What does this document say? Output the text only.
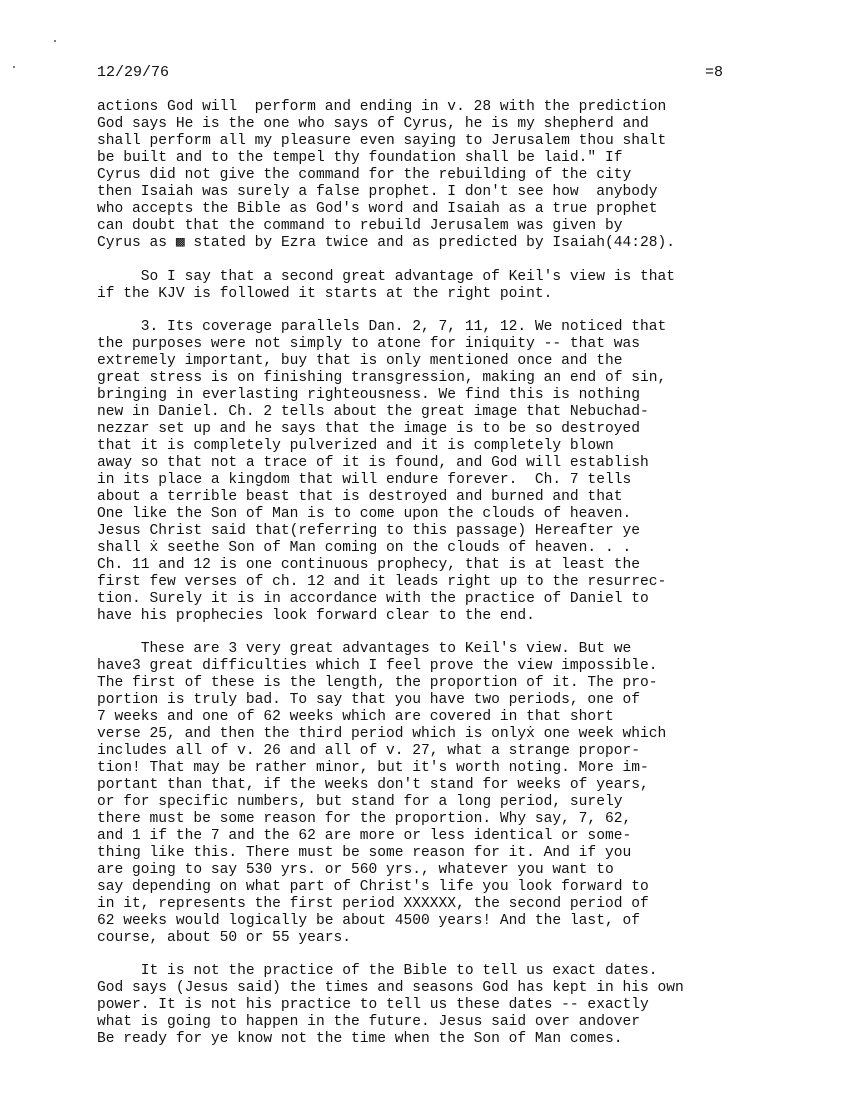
12/29/76	=8
actions God will  perform and ending in v. 28 with the prediction
God says He is the one who says of Cyrus, he is my shepherd and
shall perform all my pleasure even saying to Jerusalem thou shalt
be built and to the tempel thy foundation shall be laid." If
Cyrus did not give the command for the rebuilding of the city
then Isaiah was surely a false prophet. I don't see how  anybody
who accepts the Bible as God's word and Isaiah as a true prophet
can doubt that the command to rebuild Jerusalem was given by
Cyrus as ▩ stated by Ezra twice and as predicted by Isaiah(44:28).
So I say that a second great advantage of Keil's view is that
if the KJV is followed it starts at the right point.
3. Its coverage parallels Dan. 2, 7, 11, 12. We noticed that
the purposes were not simply to atone for iniquity -- that was
extremely important, buy that is only mentioned once and the
great stress is on finishing transgression, making an end of sin,
bringing in everlasting righteousness. We find this is nothing
new in Daniel. Ch. 2 tells about the great image that Nebuchad-
nezzar set up and he says that the image is to be so destroyed
that it is completely pulverized and it is completely blown
away so that not a trace of it is found, and God will establish
in its place a kingdom that will endure forever.  Ch. 7 tells
about a terrible beast that is destroyed and burned and that
One like the Son of Man is to come upon the clouds of heaven.
Jesus Christ said that(referring to this passage) Hereafter ye
shall ẋ seethe Son of Man coming on the clouds of heaven. . .
Ch. 11 and 12 is one continuous prophecy, that is at least the
first few verses of ch. 12 and it leads right up to the resurrec-
tion. Surely it is in accordance with the practice of Daniel to
have his prophecies look forward clear to the end.
These are 3 very great advantages to Keil's view. But we
have3 great difficulties which I feel prove the view impossible.
The first of these is the length, the proportion of it. The pro-
portion is truly bad. To say that you have two periods, one of
7 weeks and one of 62 weeks which are covered in that short
verse 25, and then the third period which is onlyẋ one week which
includes all of v. 26 and all of v. 27, what a strange propor-
tion! That may be rather minor, but it's worth noting. More im-
portant than that, if the weeks don't stand for weeks of years,
or for specific numbers, but stand for a long period, surely
there must be some reason for the proportion. Why say, 7, 62,
and 1 if the 7 and the 62 are more or less identical or some-
thing like this. There must be some reason for it. And if you
are going to say 530 yrs. or 560 yrs., whatever you want to
say depending on what part of Christ's life you look forward to
in it, represents the first period XXXXXX, the second period of
62 weeks would logically be about 4500 years! And the last, of
course, about 50 or 55 years.
It is not the practice of the Bible to tell us exact dates.
God says (Jesus said) the times and seasons God has kept in his own
power. It is not his practice to tell us these dates -- exactly
what is going to happen in the future. Jesus said over andover
Be ready for ye know not the time when the Son of Man comes.
